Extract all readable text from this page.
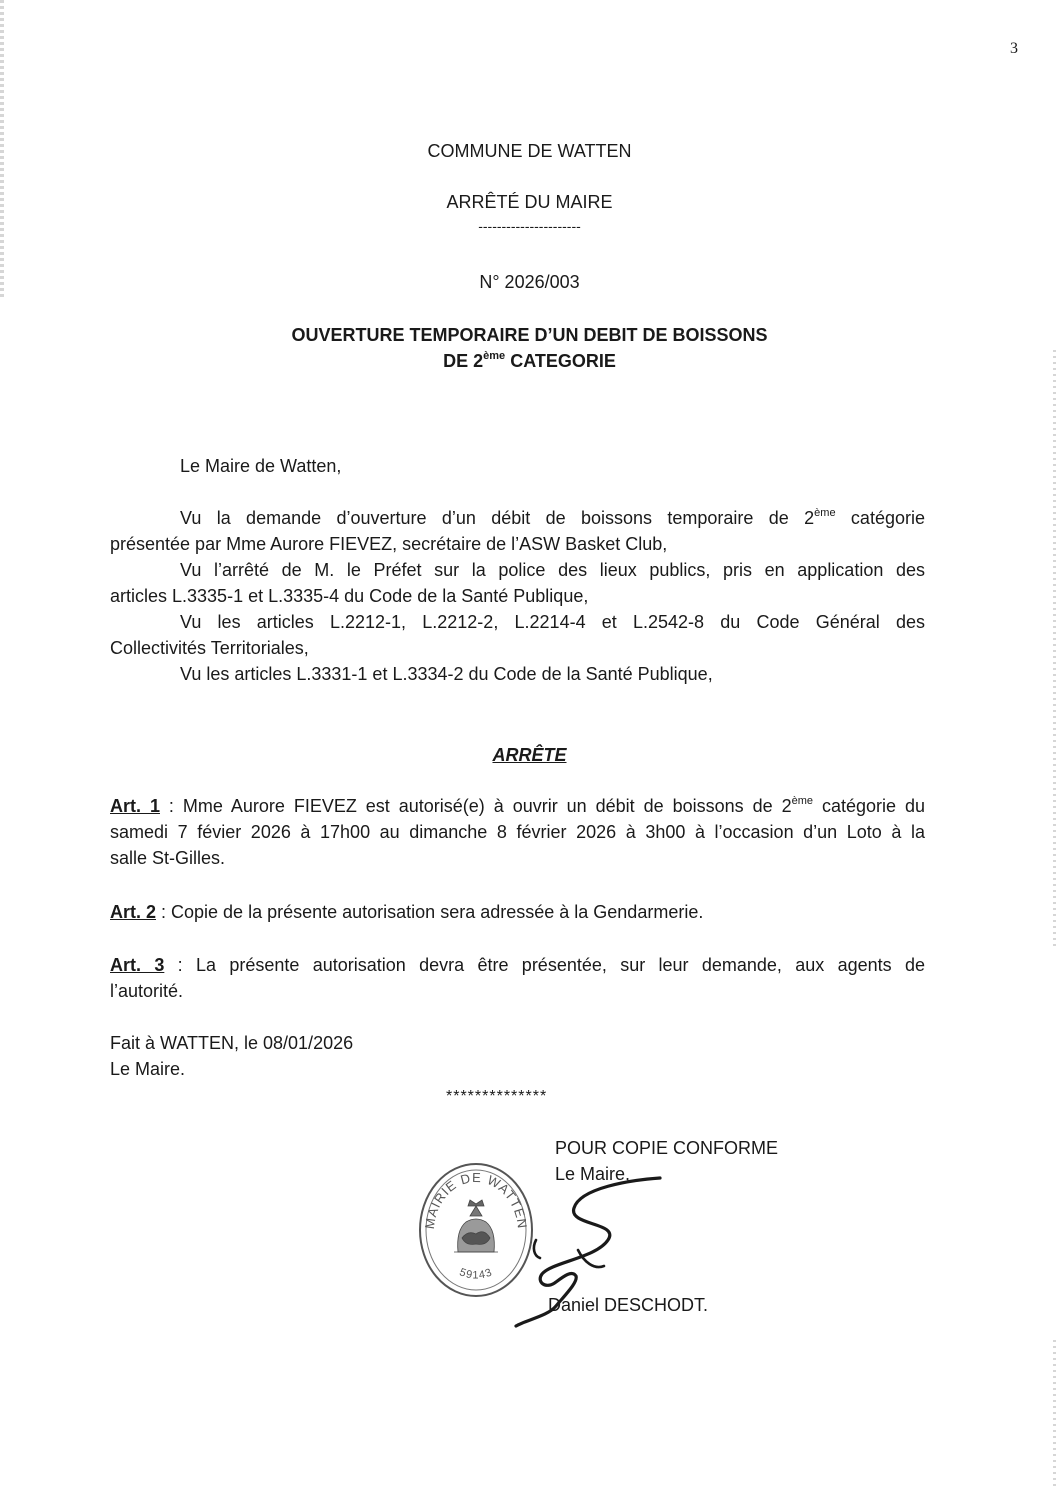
3
COMMUNE DE WATTEN
ARRÊTÉ DU MAIRE
----------------------
N° 2026/003
OUVERTURE TEMPORAIRE D’UN DEBIT DE BOISSONS
DE 2ème CATEGORIE
Le Maire de Watten,
Vu la demande d’ouverture d’un débit de boissons temporaire de 2ème catégorie
présentée par Mme Aurore FIEVEZ, secrétaire de l’ASW Basket Club,
Vu l’arrêté de M. le Préfet sur la police des lieux publics, pris en application des
articles L.3335-1 et L.3335-4 du Code de la Santé Publique,
Vu les articles L.2212-1, L.2212-2, L.2214-4 et L.2542-8 du Code Général des
Collectivités Territoriales,
Vu les articles L.3331-1 et L.3334-2 du Code de la Santé Publique,
ARRÊTE
Art. 1 : Mme Aurore FIEVEZ est autorisé(e) à ouvrir un débit de boissons de 2ème catégorie du
samedi 7 févier 2026 à 17h00 au dimanche 8 février 2026 à 3h00 à l’occasion d’un Loto à la
salle St-Gilles.
Art. 2 : Copie de la présente autorisation sera adressée à la Gendarmerie.
Art. 3 : La présente autorisation devra être présentée, sur leur demande, aux agents de
l’autorité.
Fait à WATTEN, le 08/01/2026
Le Maire.
**************
POUR COPIE CONFORME
Le Maire,
MAIRIE DE WATTEN
59143
Daniel DESCHODT.
